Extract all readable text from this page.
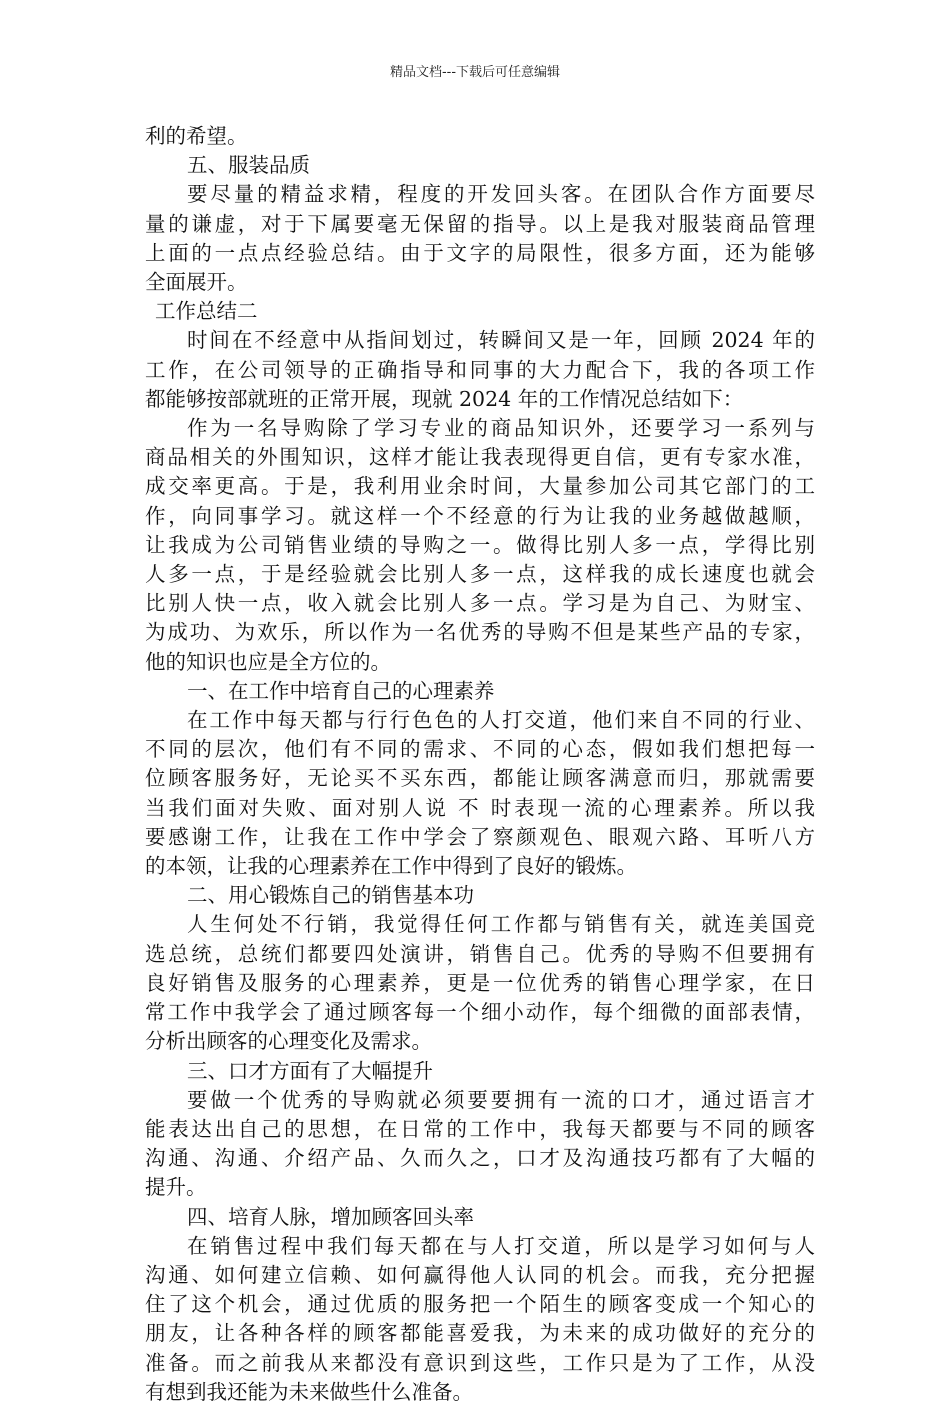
精品文档---下载后可任意编辑
利的希望。
五、服装品质
要尽量的精益求精，程度的开发回头客。在团队合作方面要尽
量的谦虚，对于下属要毫无保留的指导。以上是我对服装商品管理
上面的一点点经验总结。由于文字的局限性，很多方面，还为能够
全面展开。
工作总结二
时间在不经意中从指间划过，转瞬间又是一年，回顾 2024 年的
工作，在公司领导的正确指导和同事的大力配合下，我的各项工作
都能够按部就班的正常开展，现就 2024 年的工作情况总结如下：
作为一名导购除了学习专业的商品知识外，还要学习一系列与
商品相关的外围知识，这样才能让我表现得更自信，更有专家水准，
成交率更高。于是，我利用业余时间，大量参加公司其它部门的工
作，向同事学习。就这样一个不经意的行为让我的业务越做越顺，
让我成为公司销售业绩的导购之一。做得比别人多一点，学得比别
人多一点，于是经验就会比别人多一点，这样我的成长速度也就会
比别人快一点，收入就会比别人多一点。学习是为自己、为财宝、
为成功、为欢乐，所以作为一名优秀的导购不但是某些产品的专家，
他的知识也应是全方位的。
一、在工作中培育自己的心理素养
在工作中每天都与行行色色的人打交道，他们来自不同的行业、
不同的层次，他们有不同的需求、不同的心态，假如我们想把每一
位顾客服务好，无论买不买东西，都能让顾客满意而归，那就需要
当我们面对失败、面对别人说 不 时表现一流的心理素养。所以我
要感谢工作，让我在工作中学会了察颜观色、眼观六路、耳听八方
的本领，让我的心理素养在工作中得到了良好的锻炼。
二、用心锻炼自己的销售基本功
人生何处不行销，我觉得任何工作都与销售有关，就连美国竞
选总统，总统们都要四处演讲，销售自己。优秀的导购不但要拥有
良好销售及服务的心理素养，更是一位优秀的销售心理学家，在日
常工作中我学会了通过顾客每一个细小动作，每个细微的面部表情，
分析出顾客的心理变化及需求。
三、口才方面有了大幅提升
要做一个优秀的导购就必须要要拥有一流的口才，通过语言才
能表达出自己的思想，在日常的工作中，我每天都要与不同的顾客
沟通、沟通、介绍产品、久而久之，口才及沟通技巧都有了大幅的
提升。
四、培育人脉，增加顾客回头率
在销售过程中我们每天都在与人打交道，所以是学习如何与人
沟通、如何建立信赖、如何赢得他人认同的机会。而我，充分把握
住了这个机会，通过优质的服务把一个陌生的顾客变成一个知心的
朋友，让各种各样的顾客都能喜爱我，为未来的成功做好的充分的
准备。而之前我从来都没有意识到这些，工作只是为了工作，从没
有想到我还能为未来做些什么准备。
